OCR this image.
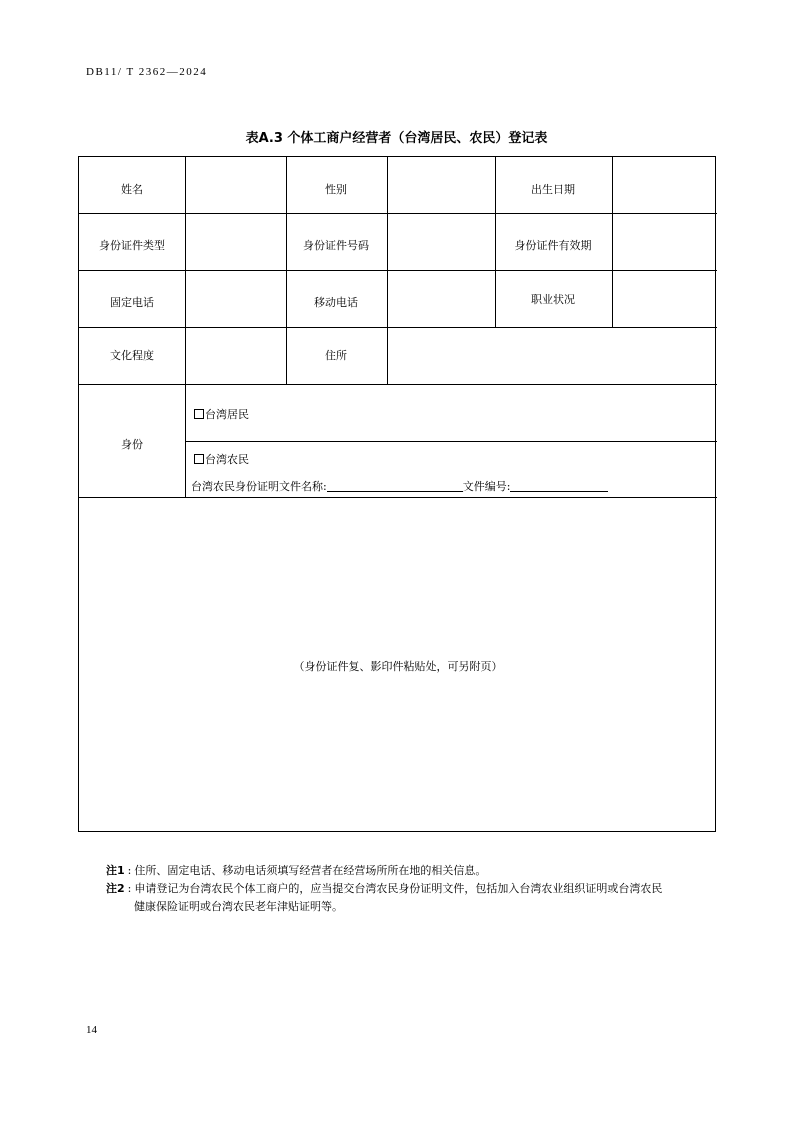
DB11/ T 2362—2024
表A.3 个体工商户经营者（台湾居民、农民）登记表
姓名	性别	出生日期
身份证件类型	身份证件号码	身份证件有效期
固定电话	移动电话	职业状况
文化程度	住所
身份
台湾居民
台湾农民
台湾农民身份证明文件名称:	文件编号:
（身份证件复、影印件粘贴处，可另附页）
注1 : 住所、固定电话、移动电话须填写经营者在经营场所所在地的相关信息。
注2 : 申请登记为台湾农民个体工商户的，应当提交台湾农民身份证明文件，包括加入台湾农业组织证明或台湾农民
健康保险证明或台湾农民老年津贴证明等。
14
